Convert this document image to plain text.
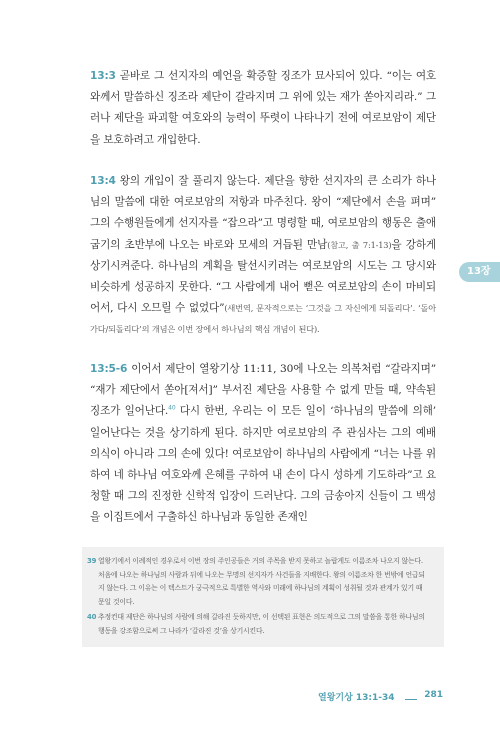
13:3 곧바로 그 선지자의 예언을 확증할 징조가 묘사되어 있다. “이는 여호와께서 말씀하신 징조라 제단이 갈라지며 그 위에 있는 재가 쏟아지리라.” 그러나 제단을 파괴할 여호와의 능력이 뚜렷이 나타나기 전에 여로보암이 제단을 보호하려고 개입한다.

13:4 왕의 개입이 잘 풀리지 않는다. 제단을 향한 선지자의 큰 소리가 하나님의 말씀에 대한 여로보암의 저항과 마주친다. 왕이 “제단에서 손을 펴며” 그의 수행원들에게 선지자를 “잡으라”고 명령할 때, 여로보암의 행동은 출애굽기의 초반부에 나오는 바로와 모세의 거듭된 만남(참고, 출 7:1-13)을 강하게 상기시켜준다. 하나님의 계획을 탈선시키려는 여로보암의 시도는 그 당시와 비슷하게 성공하지 못한다. “그 사람에게 내어 뻗은 여로보암의 손이 마비되어서, 다시 오므릴 수 없었다”(새번역, 문자적으로는 ‘그것을 그 자신에게 되돌리다’. ‘돌아가다/되돌리다’의 개념은 이번 장에서 하나님의 핵심 개념이 된다).

13:5-6 이어서 제단이 열왕기상 11:11, 30에 나오는 의복처럼 “갈라지며” “재가 제단에서 쏟아[져서]” 부서진 제단을 사용할 수 없게 만들 때, 약속된 징조가 일어난다.$^{40}$ 다시 한번, 우리는 이 모든 일이 ‘하나님의 말씀에 의해’ 일어난다는 것을 상기하게 된다. 하지만 여로보암의 주 관심사는 그의 예배 의식이 아니라 그의 손에 있다! 여로보암이 하나님의 사람에게 “너는 나를 위하여 네 하나님 여호와께 은혜를 구하여 내 손이 다시 성하게 기도하라”고 요청할 때 그의 진정한 신학적 입장이 드러난다. 그의 금송아지 신들이 그 백성을 이집트에서 구출하신 하나님과 동일한 존재인

13장

39 열왕기에서 이례적인 경우로서 이번 장의 주인공들은 거의 주목을 받지 못하고 놀랍게도 이름조차 나오지 않는다. 처음에 나오는 하나님의 사람과 뒤에 나오는 무명의 선지자가 사건들을 지배한다. 왕의 이름조차 한 번밖에 언급되지 않는다. 그 이유는 이 텍스트가 궁극적으로 특별한 역사와 미래에 하나님의 계획이 성취될 것과 관계가 있기 때문일 것이다.

40 추정컨대 제단은 하나님의 사람에 의해 갈라진 듯하지만, 이 선택된 표현은 의도적으로 그의 말씀을 통한 하나님의 행동을 강조함으로써 그 나라가 ‘갈라진 것’을 상기시킨다.

열왕기상 13:1-34	281
